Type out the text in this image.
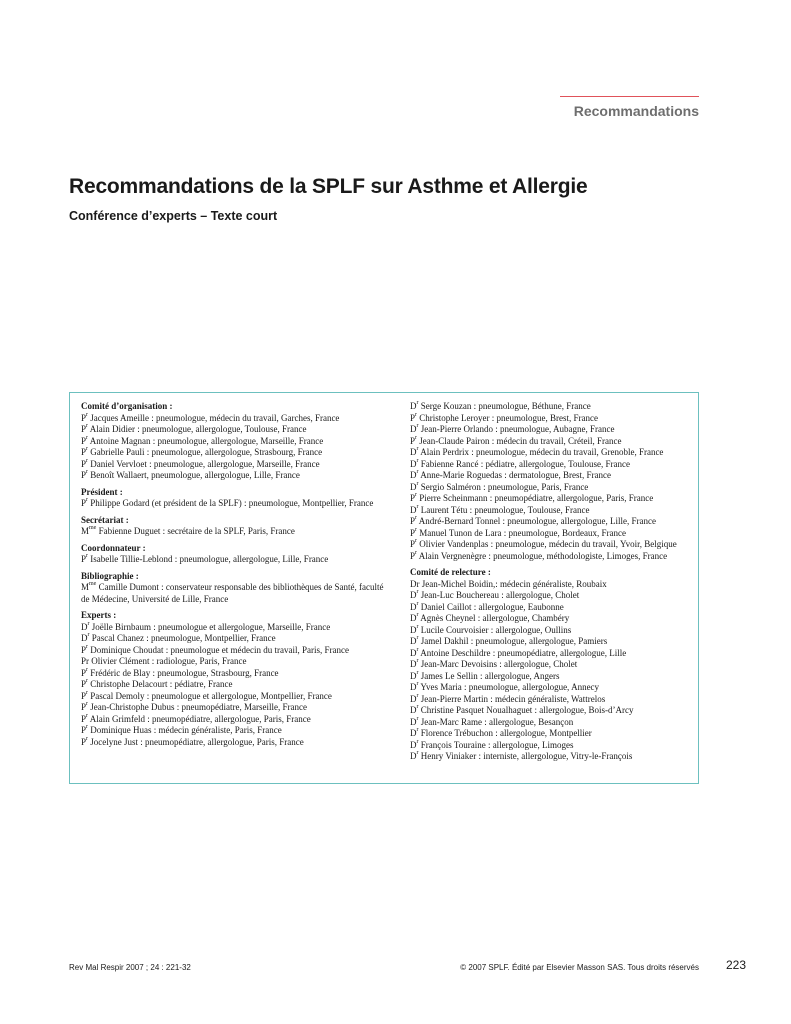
Recommandations
Recommandations de la SPLF sur Asthme et Allergie
Conférence d’experts – Texte court
Comité d’organisation :
$P^r$ Jacques Ameille : pneumologue, médecin du travail, Garches, France
$P^r$ Alain Didier : pneumologue, allergologue, Toulouse, France
$P^r$ Antoine Magnan : pneumologue, allergologue, Marseille, France
$P^r$ Gabrielle Pauli : pneumologue, allergologue, Strasbourg, France
$P^r$ Daniel Vervloet : pneumologue, allergologue, Marseille, France
$P^r$ Benoît Wallaert, pneumologue, allergologue, Lille, France
Président :
$P^r$ Philippe Godard (et président de la SPLF) : pneumologue, Montpellier, France
Secrétariat :
$M^{me}$ Fabienne Duguet : secrétaire de la SPLF, Paris, France
Coordonnateur :
$P^r$ Isabelle Tillie-Leblond : pneumologue, allergologue, Lille, France
Bibliographie :
$M^{me}$ Camille Dumont : conservateur responsable des bibliothèques de Santé, faculté de Médecine, Université de Lille, France
Experts :
$D^r$ Joëlle Birnbaum : pneumologue et allergologue, Marseille, France
$D^r$ Pascal Chanez : pneumologue, Montpellier, France
$P^r$ Dominique Choudat : pneumologue et médecin du travail, Paris, France
Pr Olivier Clément : radiologue, Paris, France
$P^r$ Frédéric de Blay : pneumologue, Strasbourg, France
$P^r$ Christophe Delacourt : pédiatre, France
$P^r$ Pascal Demoly : pneumologue et allergologue, Montpellier, France
$P^r$ Jean-Christophe Dubus : pneumopédiatre, Marseille, France
$P^r$ Alain Grimfeld : pneumopédiatre, allergologue, Paris, France
$P^r$ Dominique Huas : médecin généraliste, Paris, France
$P^r$ Jocelyne Just : pneumopédiatre, allergologue, Paris, France
$D^r$ Serge Kouzan : pneumologue, Béthune, France
$P^r$ Christophe Leroyer : pneumologue, Brest, France
$D^r$ Jean-Pierre Orlando : pneumologue, Aubagne, France
$P^r$ Jean-Claude Pairon : médecin du travail, Créteil, France
$D^r$ Alain Perdrix : pneumologue, médecin du travail, Grenoble, France
$D^r$ Fabienne Rancé : pédiatre, allergologue, Toulouse, France
$D^r$ Anne-Marie Roguedas : dermatologue, Brest, France
$D^r$ Sergio Salméron : pneumologue, Paris, France
$P^r$ Pierre Scheinmann : pneumopédiatre, allergologue, Paris, France
$D^r$ Laurent Tétu : pneumologue, Toulouse, France
$P^r$ André-Bernard Tonnel : pneumologue, allergologue, Lille, France
$P^r$ Manuel Tunon de Lara : pneumologue, Bordeaux, France
$P^r$ Olivier Vandenplas : pneumologue, médecin du travail, Yvoir, Belgique
$P^r$ Alain Vergnenègre : pneumologue, méthodologiste, Limoges, France
Comité de relecture :
Dr Jean-Michel Boidin,: médecin généraliste, Roubaix
$D^r$ Jean-Luc Bouchereau : allergologue, Cholet
$D^r$ Daniel Caillot : allergologue, Eaubonne
$D^r$ Agnès Cheynel : allergologue, Chambéry
$D^r$ Lucile Courvoisier : allergologue, Oullins
$D^r$ Jamel Dakhil : pneumologue, allergologue, Pamiers
$D^r$ Antoine Deschildre : pneumopédiatre, allergologue, Lille
$D^r$ Jean-Marc Devoisins : allergologue, Cholet
$D^r$ James Le Sellin : allergologue, Angers
$D^r$ Yves Maria : pneumologue, allergologue, Annecy
$D^r$ Jean-Pierre Martin : médecin généraliste, Wattrelos
$D^r$ Christine Pasquet Noualhaguet : allergologue, Bois-d’Arcy
$D^r$ Jean-Marc Rame : allergologue, Besançon
$D^r$ Florence Trébuchon : allergologue, Montpellier
$D^r$ François Touraine : allergologue, Limoges
$D^r$ Henry Viniaker : interniste, allergologue, Vitry-le-François
Rev Mal Respir 2007 ; 24 : 221-32	© 2007 SPLF. Édité par Elsevier Masson SAS. Tous droits réservés 223
